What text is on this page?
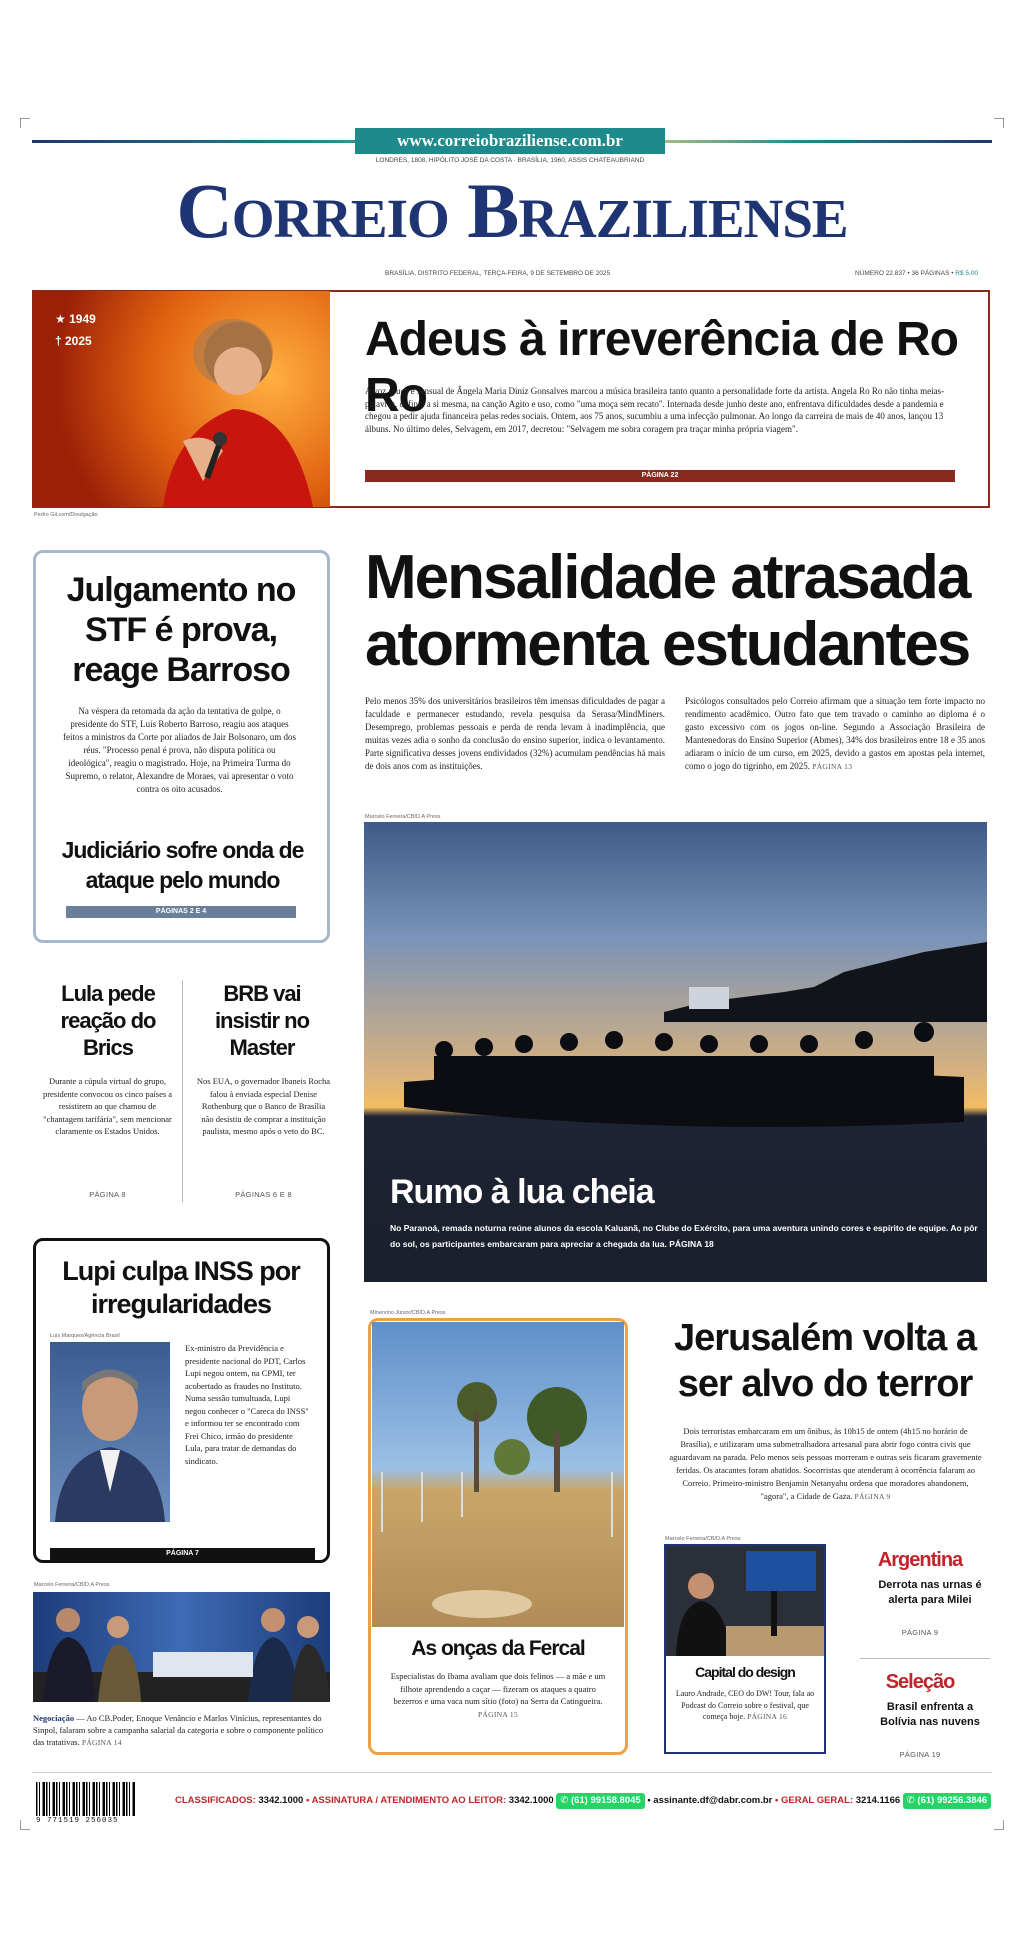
www.correiobraziliense.com.br
LONDRES, 1808, HIPÓLITO JOSÉ DA COSTA · BRASÍLIA, 1960, ASSIS CHATEAUBRIAND
Correio Braziliense
BRASÍLIA, DISTRITO FEDERAL, TERÇA-FEIRA, 9 DE SETEMBRO DE 2025	NÚMERO 22.837 • 36 PÁGINAS • R$ 5,00
★ 1949
† 2025
Pedro Gil.com/Divulgação
Adeus à irreverência de Ro Ro

A voz rouca e sensual de Ângela Maria Diniz Gonsalves marcou a música brasileira tanto quanto a personalidade forte da artista. Angela Ro Ro não tinha meias-palavras, definia a si mesma, na canção Agito e uso, como "uma moça sem recato". Internada desde junho deste ano, enfrentava dificuldades desde a pandemia e chegou a pedir ajuda financeira pelas redes sociais. Ontem, aos 75 anos, sucumbiu a uma infecção pulmonar. Ao longo da carreira de mais de 40 anos, lançou 13 álbuns. No último deles, Selvagem, em 2017, decretou: "Selvagem me sobra coragem pra traçar minha própria viagem".

PÁGINA 22
Julgamento no STF é prova, reage Barroso

Na véspera da retomada da ação da tentativa de golpe, o presidente do STF, Luís Roberto Barroso, reagiu aos ataques feitos a ministros da Corte por aliados de Jair Bolsonaro, um dos réus. "Processo penal é prova, não disputa política ou ideológica", reagiu o magistrado. Hoje, na Primeira Turma do Supremo, o relator, Alexandre de Moraes, vai apresentar o voto contra os oito acusados.

Judiciário sofre onda de ataque pelo mundo
PÁGINAS 2 E 4
Mensalidade atrasada
atormenta estudantes

Pelo menos 35% dos universitários brasileiros têm imensas dificuldades de pagar a faculdade e permanecer estudando, revela pesquisa da Serasa/MindMiners. Desemprego, problemas pessoais e perda de renda levam à inadimplência, que muitas vezes adia o sonho da conclusão do ensino superior, indica o levantamento. Parte significativa desses jovens endividados (32%) acumulam pendências há mais de dois anos com as instituições.

Psicólogos consultados pelo Correio afirmam que a situação tem forte impacto no rendimento acadêmico. Outro fato que tem travado o caminho ao diploma é o gasto excessivo com os jogos on-line. Segundo a Associação Brasileira de Mantenedoras do Ensino Superior (Abmes), 34% dos brasileiros entre 18 e 35 anos adiaram o início de um curso, em 2025, devido a gastos em apostas pela internet, como o jogo do tigrinho, em 2025. PÁGINA 13

Marcelo Ferreira/CB/D.A Press
Rumo à lua cheia

No Paranoá, remada noturna reúne alunos da escola Kaluanã, no Clube do Exército, para uma aventura unindo cores e espírito de equipe. Ao pôr do sol, os participantes embarcaram para apreciar a chegada da lua. PÁGINA 18

Lula pede reação do Brics

Durante a cúpula virtual do grupo, presidente convocou os cinco países a resistirem ao que chamou de "chantagem tarifária", sem mencionar claramente os Estados Unidos.

PÁGINA 8
BRB vai insistir no Master

Nos EUA, o governador Ibaneis Rocha falou à enviada especial Denise Rothenburg que o Banco de Brasília não desistiu de comprar a instituição paulista, mesmo após o veto do BC.

PÁGINAS 6 E 8
Lupi culpa INSS por irregularidades
Luis Marques/Agência Brasil

Ex-ministro da Previdência e presidente nacional do PDT, Carlos Lupi negou ontem, na CPMI, ter acobertado as fraudes no Instituto. Numa sessão tumultuada, Lupi negou conhecer o "Careca do INSS" e informou ter se encontrado com Frei Chico, irmão do presidente Lula, para tratar de demandas do sindicato.

PÁGINA 7
Marcelo Ferreira/CB/D.A Press

Negociação — Ao CB.Poder, Enoque Venâncio e Marlos Vinícius, representantes do Sinpol, falaram sobre a campanha salarial da categoria e sobre o componente político das tratativas. PÁGINA 14

Minervino Júnior/CB/D.A Press
As onças da Fercal

Especialistas do Ibama avaliam que dois felinos — a mãe e um filhote aprendendo a caçar — fizeram os ataques a quatro bezerros e uma vaca num sítio (foto) na Serra da Catingueira. PÁGINA 15

Jerusalém volta a ser alvo do terror

Dois terroristas embarcaram em um ônibus, às 10h15 de ontem (4h15 no horário de Brasília), e utilizaram uma submetralhadora artesanal para abrir fogo contra civis que aguardavam na parada. Pelo menos seis pessoas morreram e outras seis ficaram gravemente feridas. Os atacantes foram abatidos. Socorristas que atenderam à ocorrência falaram ao Correio. Primeiro-ministro Benjamin Netanyahu ordena que moradores abandonem, "agora", a Cidade de Gaza. PÁGINA 9

Marcelo Ferreira/CB/D.A Press
Capital do design

Lauro Andrade, CEO do DW! Tour, fala ao Podcast do Correio sobre o festival, que começa hoje. PÁGINA 16

Argentina
Derrota nas urnas é alerta para Milei
PÁGINA 9
Seleção
Brasil enfrenta a Bolívia nas nuvens
PÁGINA 19
9 771519 256035
CLASSIFICADOS: 3342.1000 • ASSINATURA / ATENDIMENTO AO LEITOR: 3342.1000 ✆ (61) 99158.8045 • assinante.df@dabr.com.br • GERAL GERAL: 3214.1166 ✆ (61) 99256.3846
